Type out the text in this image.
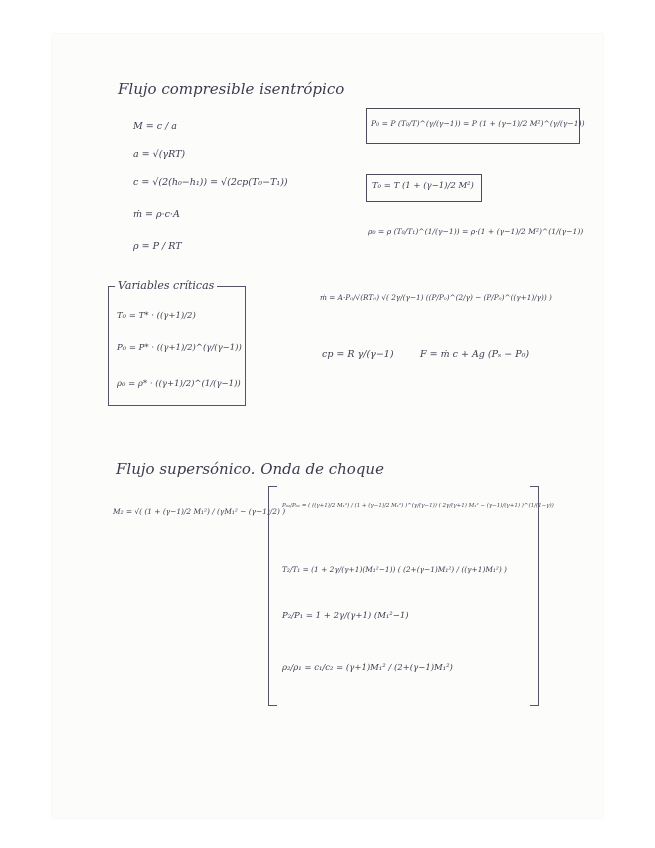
Flujo compresible isentrópico
M = c / a
a = √(γRT)
c = √(2(h₀−h₁)) = √(2cp(T₀−T₁))
ṁ = ρ·c·A
ρ = P / RT
P₀ = P (T₀/T)^(γ/(γ−1)) = P (1 + (γ−1)/2 M²)^(γ/(γ−1))
T₀ = T (1 + (γ−1)/2 M²)
ρ₀ = ρ (T₀/T₁)^(1/(γ−1)) = ρ·(1 + (γ−1)/2 M²)^(1/(γ−1))
Variables críticas
T₀ = T* · ((γ+1)/2)
P₀ = P* · ((γ+1)/2)^(γ/(γ−1))
ρ₀ = ρ* · ((γ+1)/2)^(1/(γ−1))
ṁ = A·P₀/√(RT₀) √( 2γ/(γ−1) ((P/P₀)^(2/γ) − (P/P₀)^((γ+1)/γ)) )
cp = R γ/(γ−1)	F = ṁ c + Ag (Pₛ − P₀)
Flujo supersónico. Onda de choque
M₂ = √( (1 + (γ−1)/2 M₁²) / (γM₁² − (γ−1)/2) )
P₀₂/P₀₁ = ( ((γ+1)/2 M₁²) / (1 + (γ−1)/2 M₁²) )^(γ/(γ−1)) ( 2γ/(γ+1) M₁² − (γ−1)/(γ+1) )^(1/(1−γ))
T₂/T₁ = (1 + 2γ/(γ+1)(M₁²−1)) ( (2+(γ−1)M₁²) / ((γ+1)M₁²) )
P₂/P₁ = 1 + 2γ/(γ+1) (M₁²−1)
ρ₂/ρ₁ = c₁/c₂ = (γ+1)M₁² / (2+(γ−1)M₁²)
